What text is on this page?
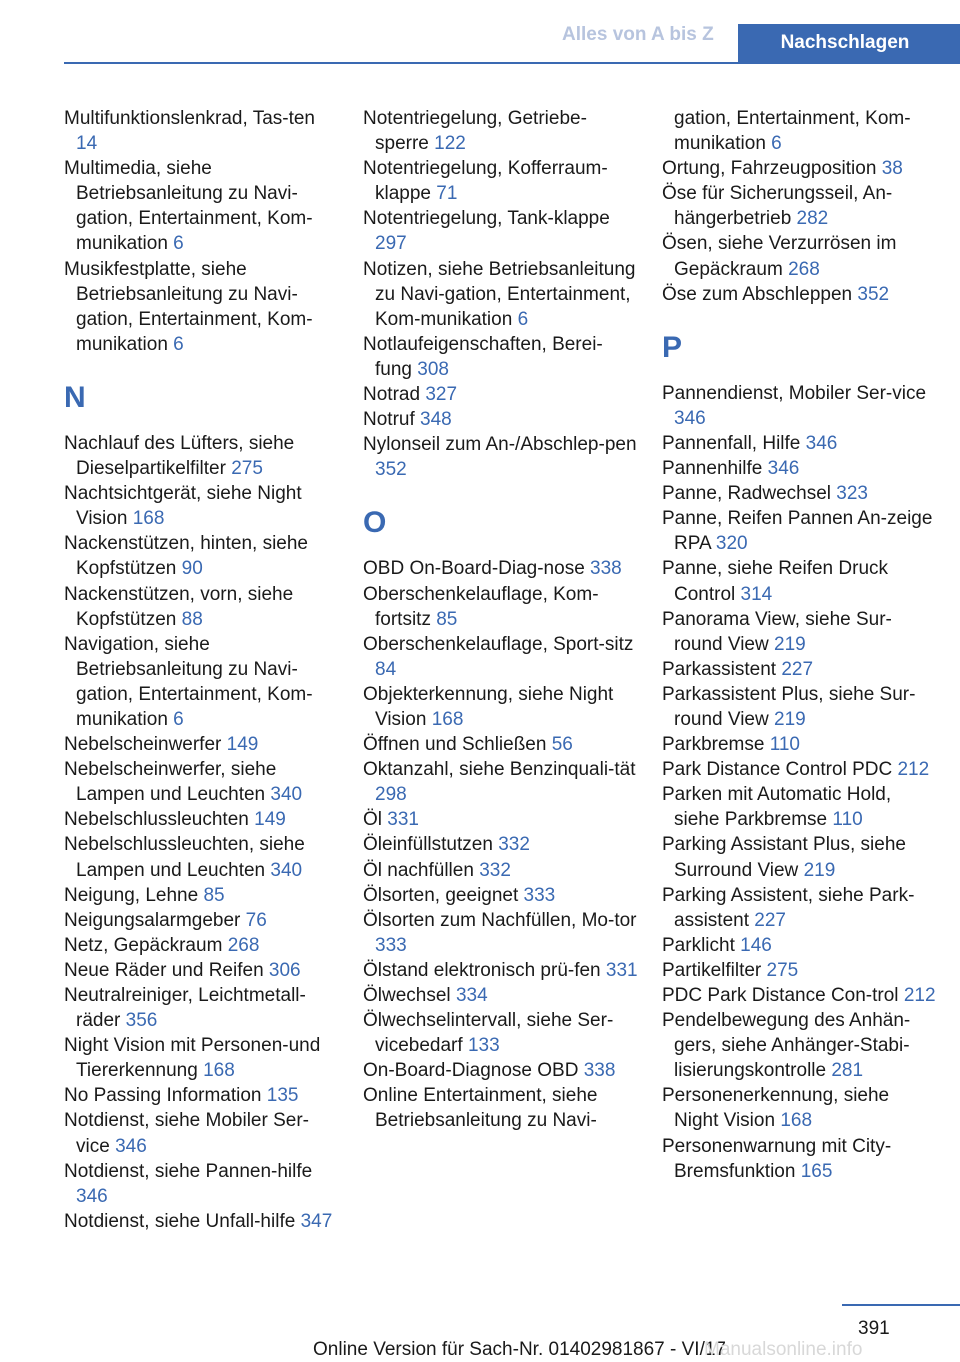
Alles von A bis Z	Nachschlagen

Multifunktionslenkrad, Tas-ten 14

Multimedia, siehe Betriebsanleitung zu Navi-gation, Entertainment, Kom-munikation 6

Musikfestplatte, siehe Betriebsanleitung zu Navi-gation, Entertainment, Kom-munikation 6

N

Nachlauf des Lüfters, siehe Dieselpartikelfilter 275

Nachtsichtgerät, siehe Night Vision 168

Nackenstützen, hinten, siehe Kopfstützen 90

Nackenstützen, vorn, siehe Kopfstützen 88

Navigation, siehe Betriebsanleitung zu Navi-gation, Entertainment, Kom-munikation 6

Nebelscheinwerfer 149

Nebelscheinwerfer, siehe Lampen und Leuchten 340

Nebelschlussleuchten 149

Nebelschlussleuchten, siehe Lampen und Leuchten 340

Neigung, Lehne 85

Neigungsalarmgeber 76

Netz, Gepäckraum 268

Neue Räder und Reifen 306

Neutralreiniger, Leichtmetall-räder 356

Night Vision mit Personen-und Tiererkennung 168

No Passing Information 135

Notdienst, siehe Mobiler Ser-vice 346

Notdienst, siehe Pannen-hilfe 346

Notdienst, siehe Unfall-hilfe 347

Notentriegelung, Getriebe-sperre 122

Notentriegelung, Kofferraum-klappe 71

Notentriegelung, Tank-klappe 297

Notizen, siehe Betriebsanleitung zu Navi-gation, Entertainment, Kom-munikation 6

Notlaufeigenschaften, Berei-fung 308

Notrad 327

Notruf 348

Nylonseil zum An-/Abschlep-pen 352

O

OBD On-Board-Diag-nose 338

Oberschenkelauflage, Kom-fortsitz 85

Oberschenkelauflage, Sport-sitz 84

Objekterkennung, siehe Night Vision 168

Öffnen und Schließen 56

Oktanzahl, siehe Benzinquali-tät 298

Öl 331

Öleinfüllstutzen 332

Öl nachfüllen 332

Ölsorten, geeignet 333

Ölsorten zum Nachfüllen, Mo-tor 333

Ölstand elektronisch prü-fen 331

Ölwechsel 334

Ölwechselintervall, siehe Ser-vicebedarf 133

On-Board-Diagnose OBD 338

Online Entertainment, siehe Betriebsanleitung zu Navi-

gation, Entertainment, Kom-munikation 6

Ortung, Fahrzeugposition 38

Öse für Sicherungsseil, An-hängerbetrieb 282

Ösen, siehe Verzurrösen im Gepäckraum 268

Öse zum Abschleppen 352

P

Pannendienst, Mobiler Ser-vice 346

Pannenfall, Hilfe 346

Pannenhilfe 346

Panne, Radwechsel 323

Panne, Reifen Pannen An-zeige RPA 320

Panne, siehe Reifen Druck Control 314

Panorama View, siehe Sur-round View 219

Parkassistent 227

Parkassistent Plus, siehe Sur-round View 219

Parkbremse 110

Park Distance Control PDC 212

Parken mit Automatic Hold, siehe Parkbremse 110

Parking Assistant Plus, siehe Surround View 219

Parking Assistent, siehe Park-assistent 227

Parklicht 146

Partikelfilter 275

PDC Park Distance Con-trol 212

Pendelbewegung des Anhän-gers, siehe Anhänger-Stabi-lisierungskontrolle 281

Personenerkennung, siehe Night Vision 168

Personenwarnung mit City-Bremsfunktion 165

391
Online Version für Sach-Nr. 01402981867 - VI/17
Manualsonline.info
